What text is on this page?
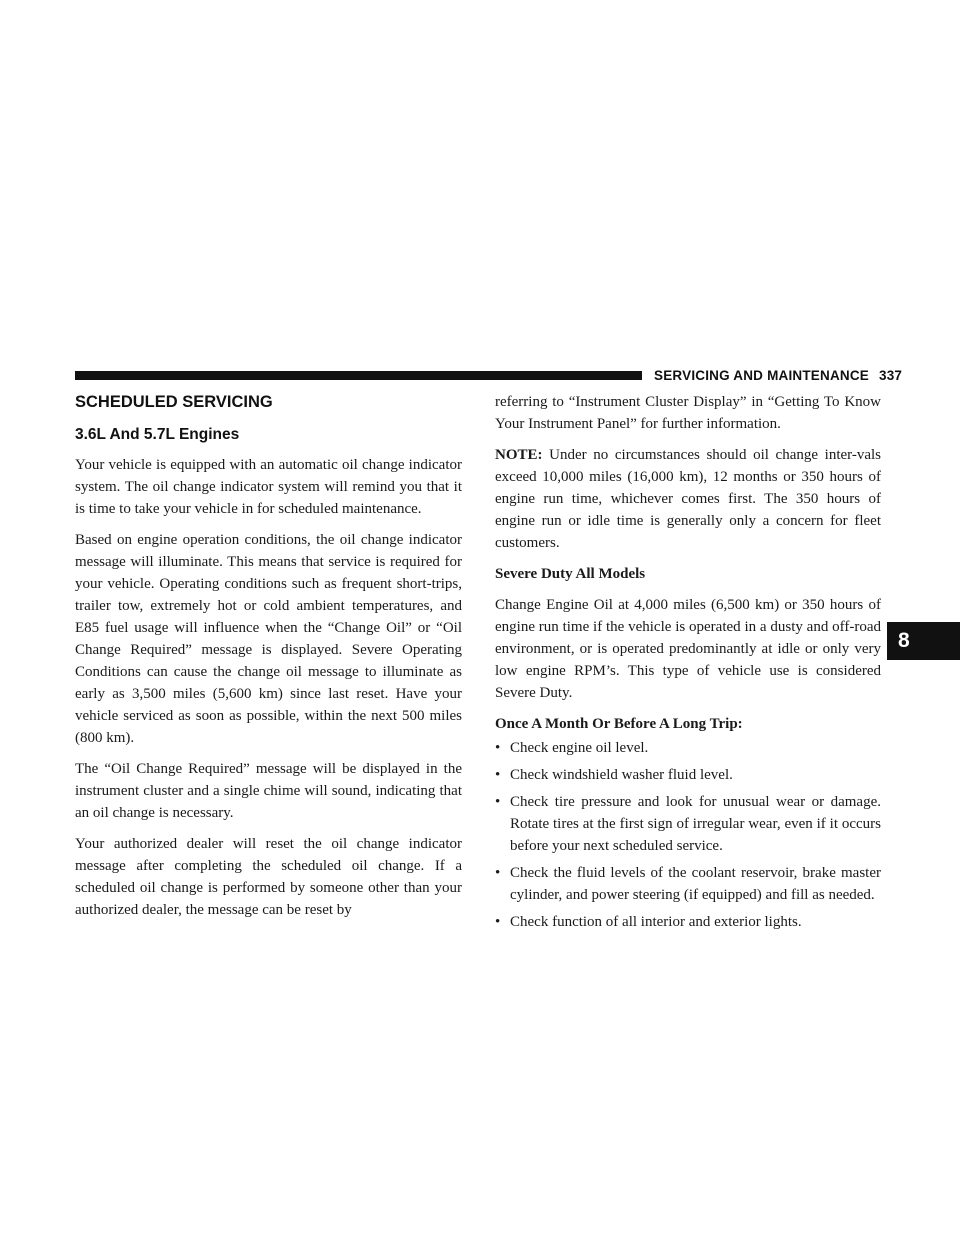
SERVICING AND MAINTENANCE 337
8
SCHEDULED SERVICING
3.6L And 5.7L Engines

Your vehicle is equipped with an automatic oil change indicator system. The oil change indicator system will remind you that it is time to take your vehicle in for scheduled maintenance.

Based on engine operation conditions, the oil change indicator message will illuminate. This means that service is required for your vehicle. Operating conditions such as frequent short-trips, trailer tow, extremely hot or cold ambient temperatures, and E85 fuel usage will influence when the “Change Oil” or “Oil Change Required” message is displayed. Severe Operating Conditions can cause the change oil message to illuminate as early as 3,500 miles (5,600 km) since last reset. Have your vehicle serviced as soon as possible, within the next 500 miles (800 km).

The “Oil Change Required” message will be displayed in the instrument cluster and a single chime will sound, indicating that an oil change is necessary.

Your authorized dealer will reset the oil change indicator message after completing the scheduled oil change. If a scheduled oil change is performed by someone other than your authorized dealer, the message can be reset by

referring to “Instrument Cluster Display” in “Getting To Know Your Instrument Panel” for further information.

NOTE: Under no circumstances should oil change inter-vals exceed 10,000 miles (16,000 km), 12 months or 350 hours of engine run time, whichever comes first. The 350 hours of engine run or idle time is generally only a concern for fleet customers.

Severe Duty All Models

Change Engine Oil at 4,000 miles (6,500 km) or 350 hours of engine run time if the vehicle is operated in a dusty and off-road environment, or is operated predominantly at idle or only very low engine RPM’s. This type of vehicle use is considered Severe Duty.

Once A Month Or Before A Long Trip:
• Check engine oil level.
• Check windshield washer fluid level.
• Check tire pressure and look for unusual wear or damage. Rotate tires at the first sign of irregular wear, even if it occurs before your next scheduled service.
• Check the fluid levels of the coolant reservoir, brake master cylinder, and power steering (if equipped) and fill as needed.
• Check function of all interior and exterior lights.
